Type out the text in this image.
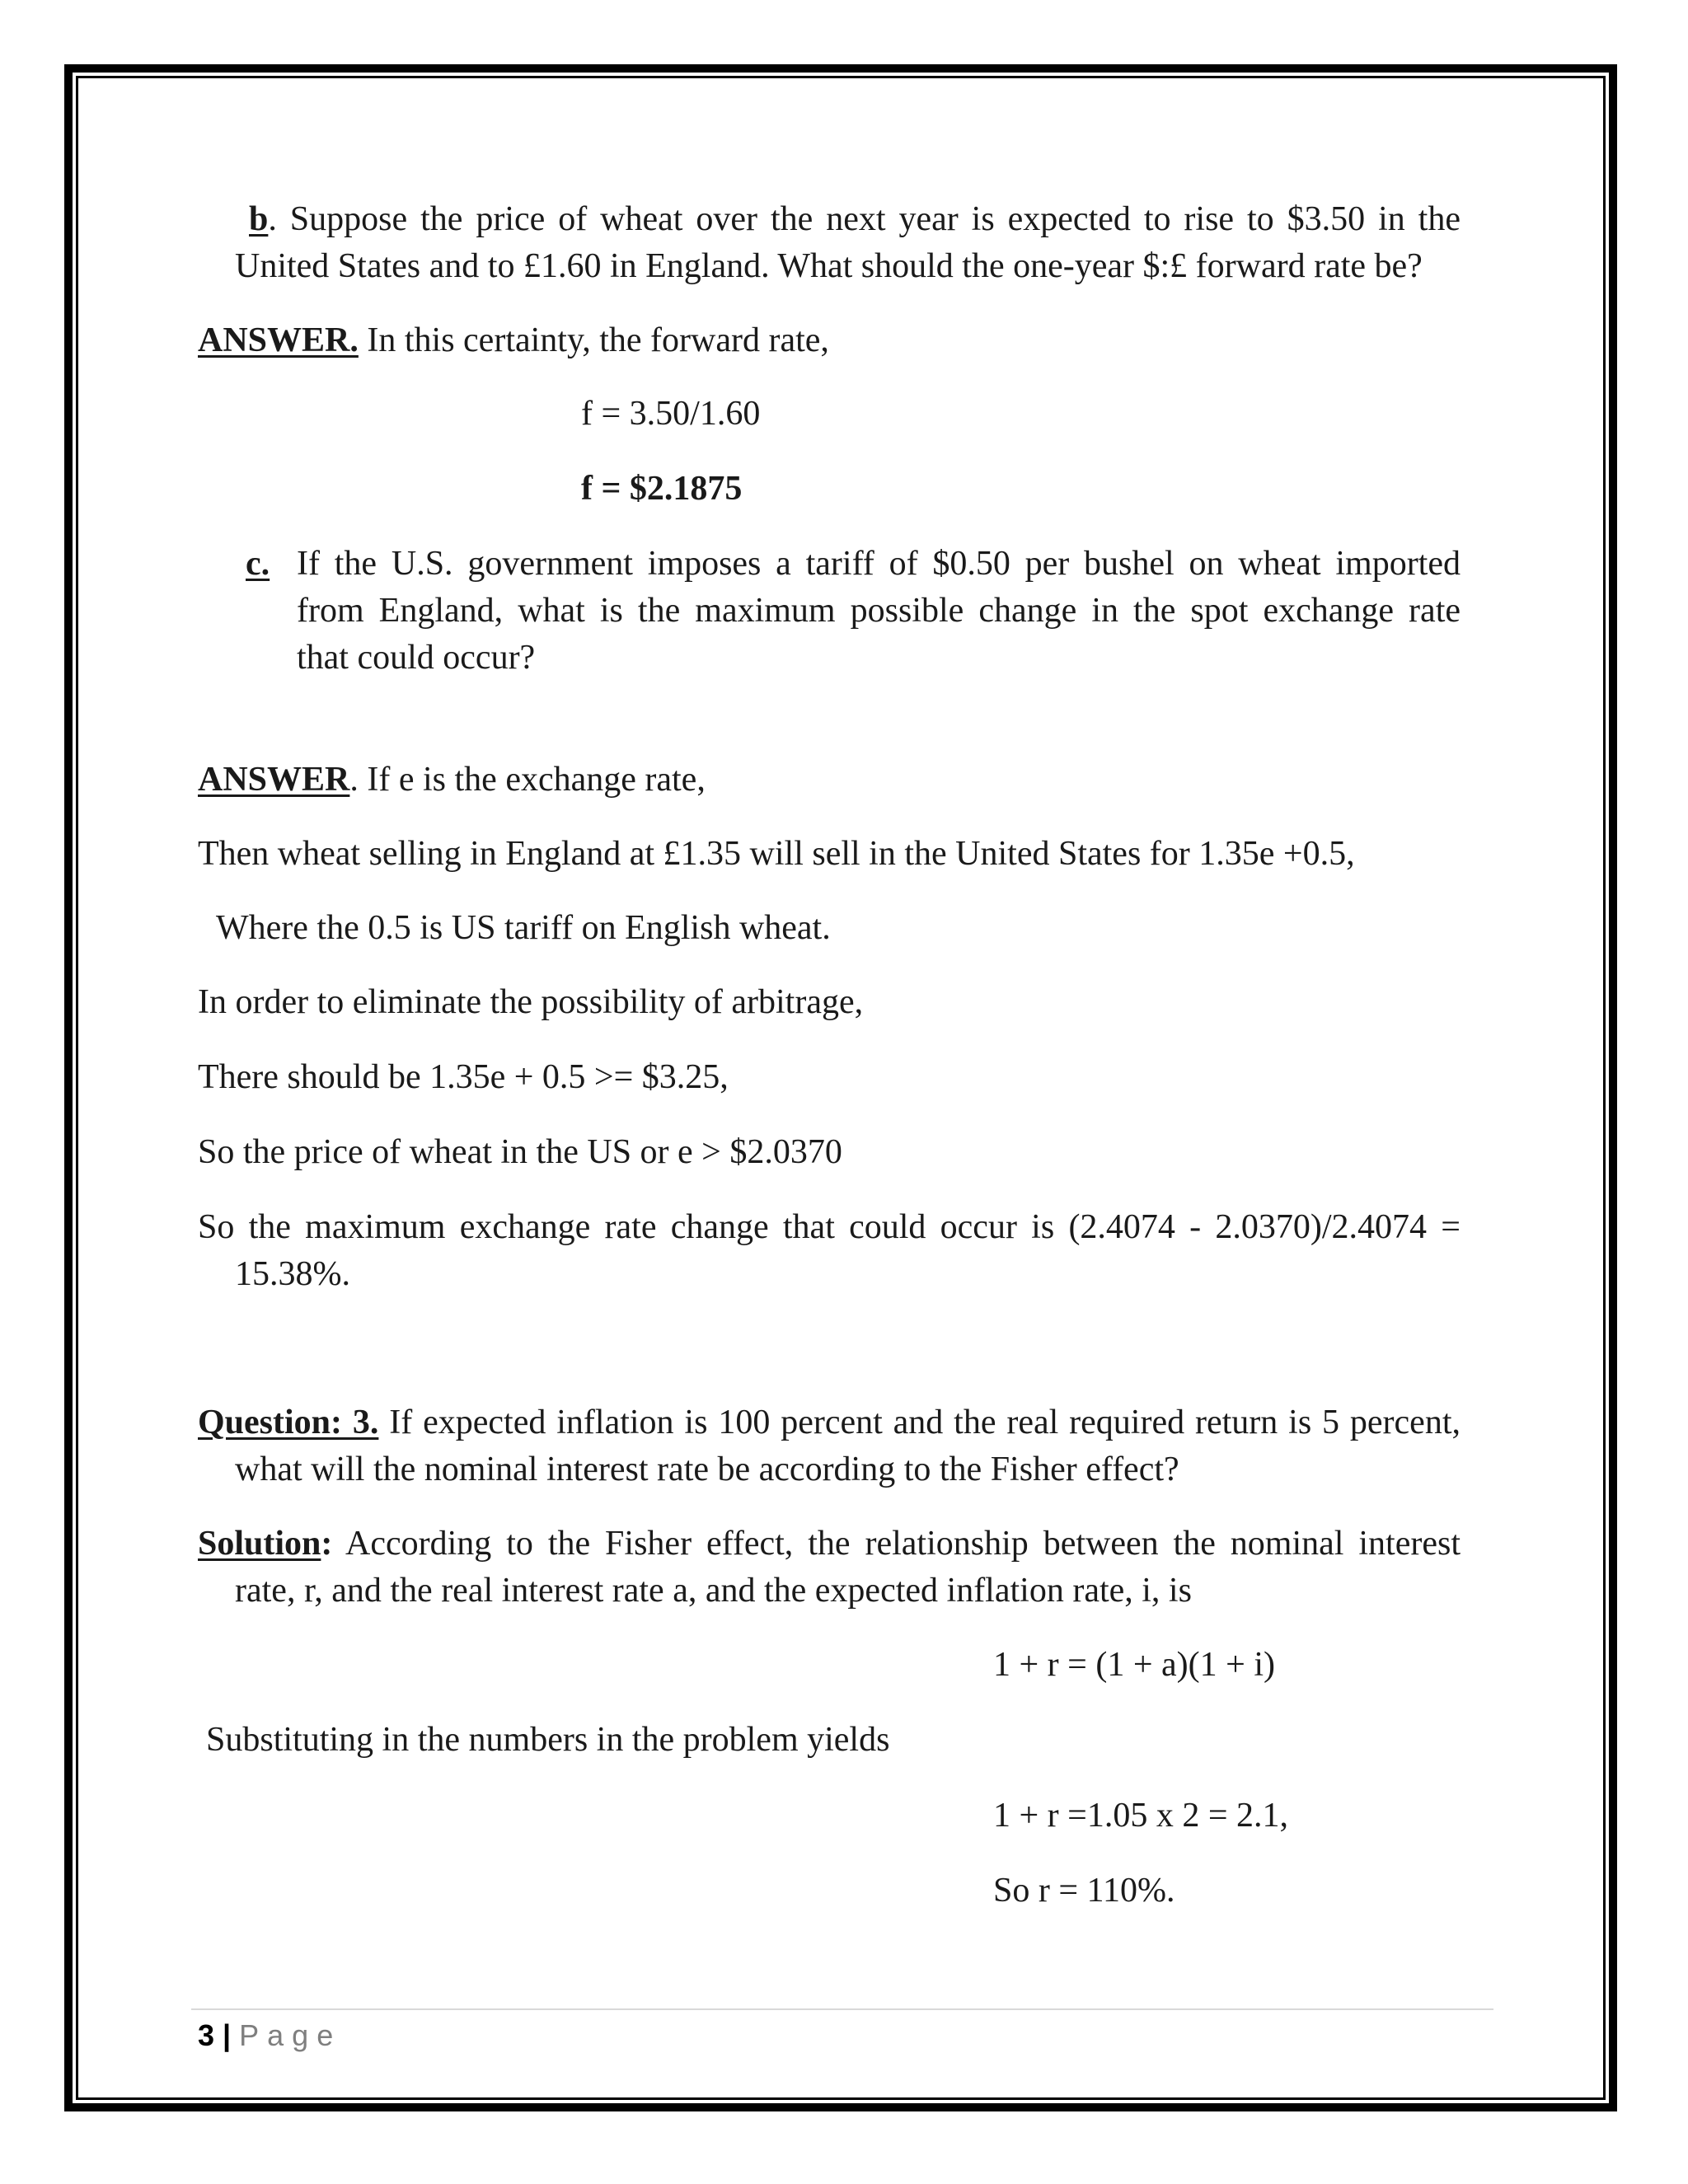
b. Suppose the price of wheat over the next year is expected to rise to $3.50 in the
United States and to £1.60 in England. What should the one-year $:£ forward rate be?
ANSWER. In this certainty, the forward rate,
f = 3.50/1.60
f = $2.1875
c. If the U.S. government imposes a tariff of $0.50 per bushel on wheat imported
from England, what is the maximum possible change in the spot exchange rate
that could occur?
ANSWER. If e is the exchange rate,
Then wheat selling in England at £1.35 will sell in the United States for 1.35e +0.5,
Where the 0.5 is US tariff on English wheat.
In order to eliminate the possibility of arbitrage,
There should be 1.35e + 0.5 >= $3.25,
So the price of wheat in the US or e > $2.0370
So the maximum exchange rate change that could occur is (2.4074 - 2.0370)/2.4074 =
15.38%.
Question: 3. If expected inflation is 100 percent and the real required return is 5 percent,
what will the nominal interest rate be according to the Fisher effect?
Solution: According to the Fisher effect, the relationship between the nominal interest
rate, r, and the real interest rate a, and the expected inflation rate, i, is
1 + r = (1 + a)(1 + i)
Substituting in the numbers in the problem yields
1 + r =1.05 x 2 = 2.1,
So r = 110%.
3 | Page
